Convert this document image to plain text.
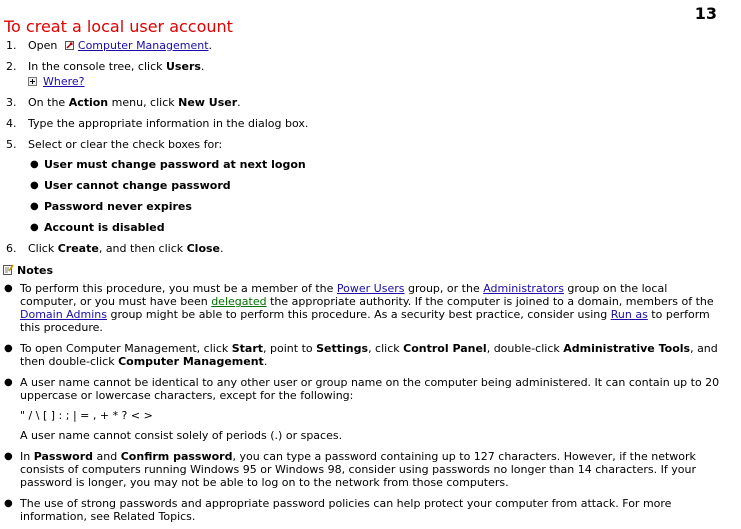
13
To creat a local user account
1. Open Computer Management.
2. In the console tree, click Users.
Where?
3. On the Action menu, click New User.
4. Type the appropriate information in the dialog box.
5. Select or clear the check boxes for:
● User must change password at next logon
● User cannot change password
● Password never expires
● Account is disabled
6. Click Create, and then click Close.
Notes
● To perform this procedure, you must be a member of the Power Users group, or the Administrators group on the local computer, or you must have been delegated the appropriate authority. If the computer is joined to a domain, members of the Domain Admins group might be able to perform this procedure. As a security best practice, consider using Run as to perform this procedure.
● To open Computer Management, click Start, point to Settings, click Control Panel, double-click Administrative Tools, and then double-click Computer Management.
● A user name cannot be identical to any other user or group name on the computer being administered. It can contain up to 20 uppercase or lowercase characters, except for the following:
" / \ [ ] : ; | = , + * ? < >
A user name cannot consist solely of periods (.) or spaces.
● In Password and Confirm password, you can type a password containing up to 127 characters. However, if the network consists of computers running Windows 95 or Windows 98, consider using passwords no longer than 14 characters. If your password is longer, you may not be able to log on to the network from those computers.
● The use of strong passwords and appropriate password policies can help protect your computer from attack. For more information, see Related Topics.
